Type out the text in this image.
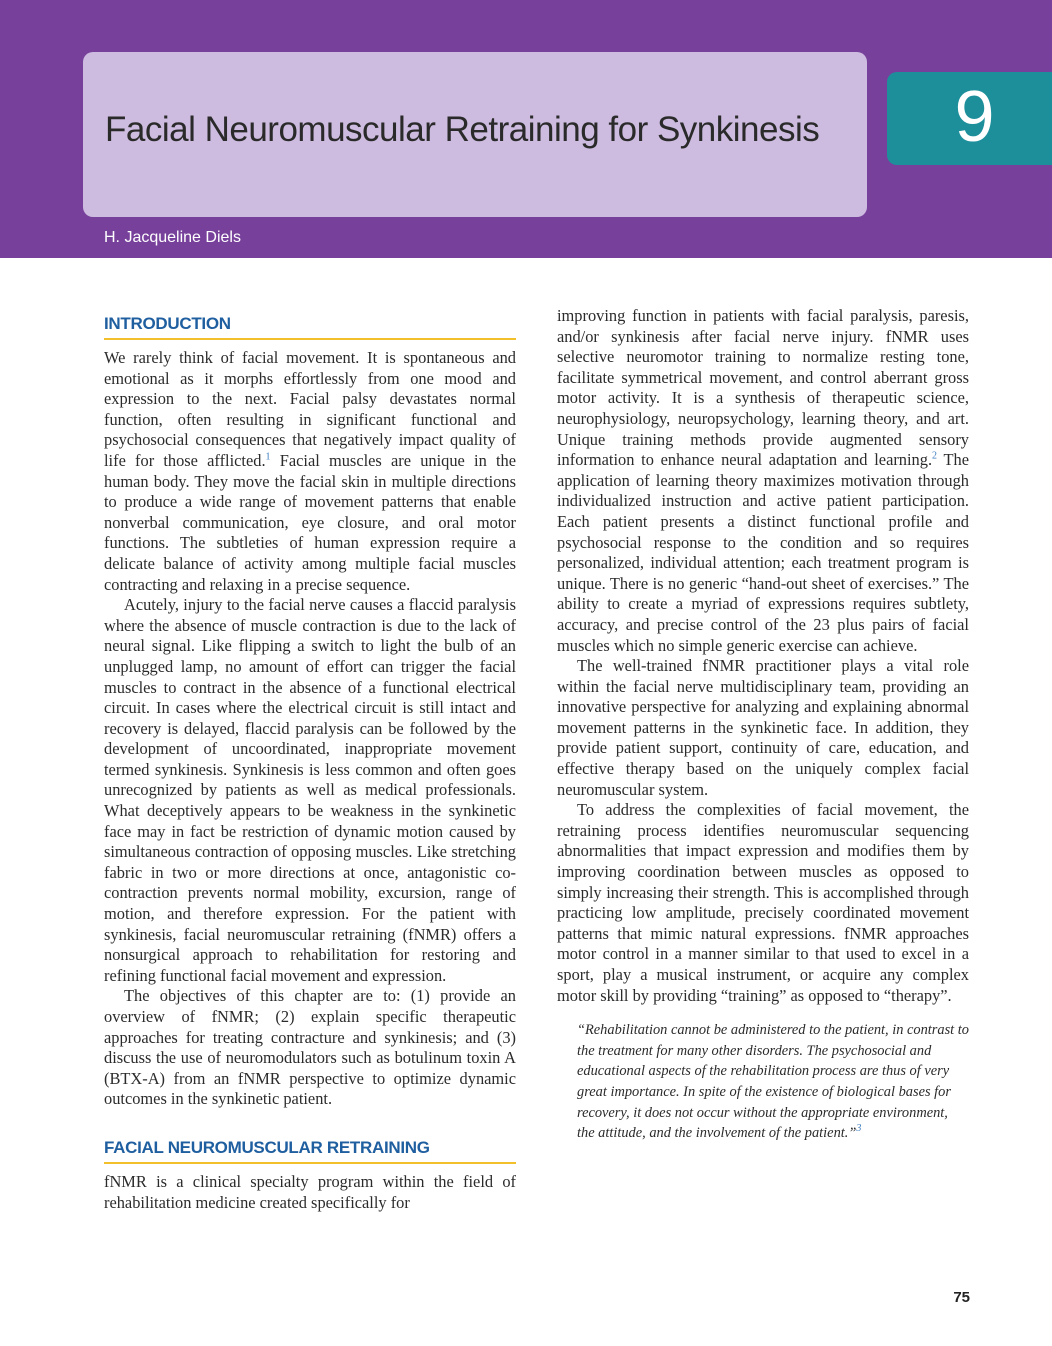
Facial Neuromuscular Retraining for Synkinesis	9
H. Jacqueline Diels
INTRODUCTION

We rarely think of facial movement. It is spontaneous and emotional as it morphs effortlessly from one mood and expression to the next. Facial palsy devastates normal function, often resulting in significant functional and psychosocial consequences that negatively impact quality of life for those afflicted.$^1$ Facial muscles are unique in the human body. They move the facial skin in multiple directions to produce a wide range of movement patterns that enable nonverbal communication, eye closure, and oral motor functions. The subtleties of human expression require a delicate balance of activity among multiple facial muscles contracting and relaxing in a precise sequence.

Acutely, injury to the facial nerve causes a flaccid paralysis where the absence of muscle contraction is due to the lack of neural signal. Like flipping a switch to light the bulb of an unplugged lamp, no amount of effort can trigger the facial muscles to contract in the absence of a functional electrical circuit. In cases where the electrical circuit is still intact and recovery is delayed, flaccid paralysis can be followed by the development of uncoordinated, inappropriate movement termed synkinesis. Synkinesis is less common and often goes unrecognized by patients as well as medical professionals. What deceptively appears to be weakness in the synkinetic face may in fact be restriction of dynamic motion caused by simultaneous contraction of opposing muscles. Like stretching fabric in two or more directions at once, antagonistic co-contraction prevents normal mobility, excursion, range of motion, and therefore expression. For the patient with synkinesis, facial neuromuscular retraining (fNMR) offers a nonsurgical approach to rehabilitation for restoring and refining functional facial movement and expression.

The objectives of this chapter are to: (1) provide an overview of fNMR; (2) explain specific therapeutic approaches for treating contracture and synkinesis; and (3) discuss the use of neuromodulators such as botulinum toxin A (BTX-A) from an fNMR perspective to optimize dynamic outcomes in the synkinetic patient.

FACIAL NEUROMUSCULAR RETRAINING

fNMR is a clinical specialty program within the field of rehabilitation medicine created specifically for

improving function in patients with facial paralysis, paresis, and/or synkinesis after facial nerve injury. fNMR uses selective neuromotor training to normalize resting tone, facilitate symmetrical movement, and control aberrant gross motor activity. It is a synthesis of therapeutic science, neurophysiology, neuropsychology, learning theory, and art. Unique training methods provide augmented sensory information to enhance neural adaptation and learning.$^2$ The application of learning theory maximizes motivation through individualized instruction and active patient participation. Each patient presents a distinct functional profile and psychosocial response to the condition and so requires personalized, individual attention; each treatment program is unique. There is no generic “hand-out sheet of exercises.” The ability to create a myriad of expressions requires subtlety, accuracy, and precise control of the 23 plus pairs of facial muscles which no simple generic exercise can achieve.

The well-trained fNMR practitioner plays a vital role within the facial nerve multidisciplinary team, providing an innovative perspective for analyzing and explaining abnormal movement patterns in the synkinetic face. In addition, they provide patient support, continuity of care, education, and effective therapy based on the uniquely complex facial neuromuscular system.

To address the complexities of facial movement, the retraining process identifies neuromuscular sequencing abnormalities that impact expression and modifies them by improving coordination between muscles as opposed to simply increasing their strength. This is accomplished through practicing low amplitude, precisely coordinated movement patterns that mimic natural expressions. fNMR approaches motor control in a manner similar to that used to excel in a sport, play a musical instrument, or acquire any complex motor skill by providing “training” as opposed to “therapy”.

“Rehabilitation cannot be administered to the patient, in contrast to the treatment for many other disorders. The psychosocial and educational aspects of the rehabilitation process are thus of very great importance. In spite of the existence of biological bases for recovery, it does not occur without the appropriate environment, the attitude, and the involvement of the patient.”$^3$
75
